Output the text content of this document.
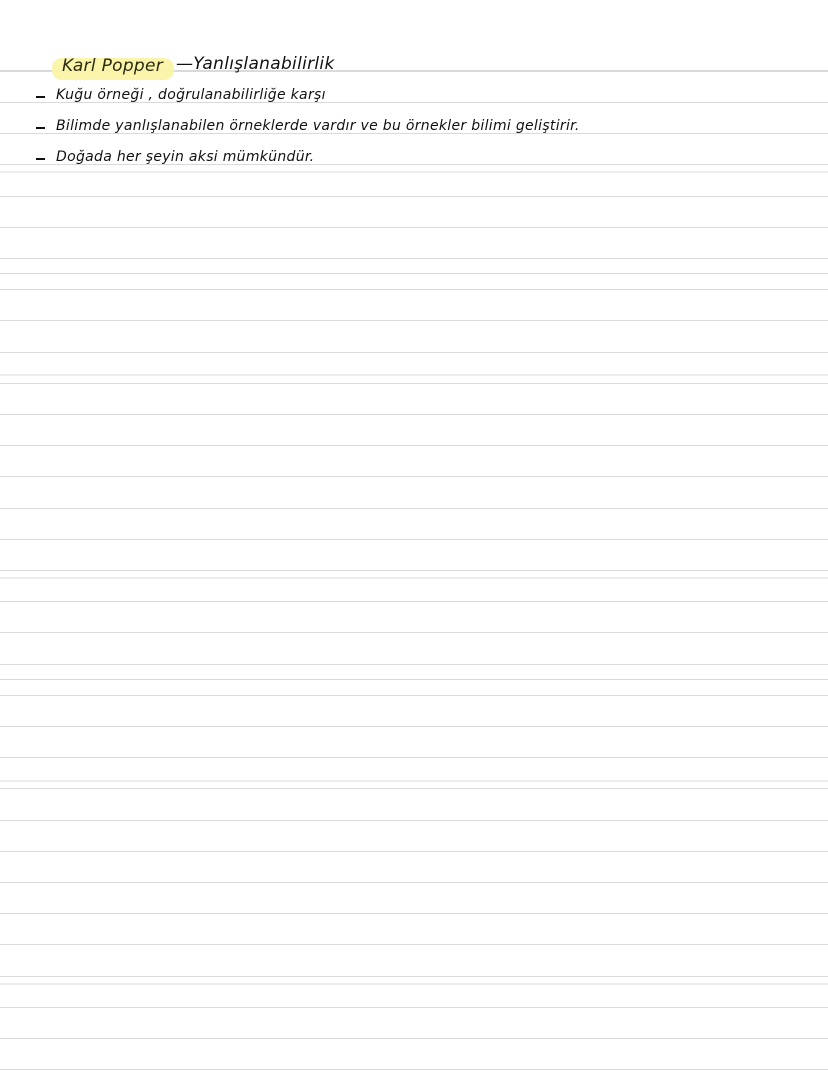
Karl Popper —Yanlışlanabilirlik
Kuğu örneği , doğrulanabilirliğe karşı
Bilimde yanlışlanabilen örneklerde vardır ve bu örnekler bilimi geliştirir.
Doğada her şeyin aksi mümkündür.
